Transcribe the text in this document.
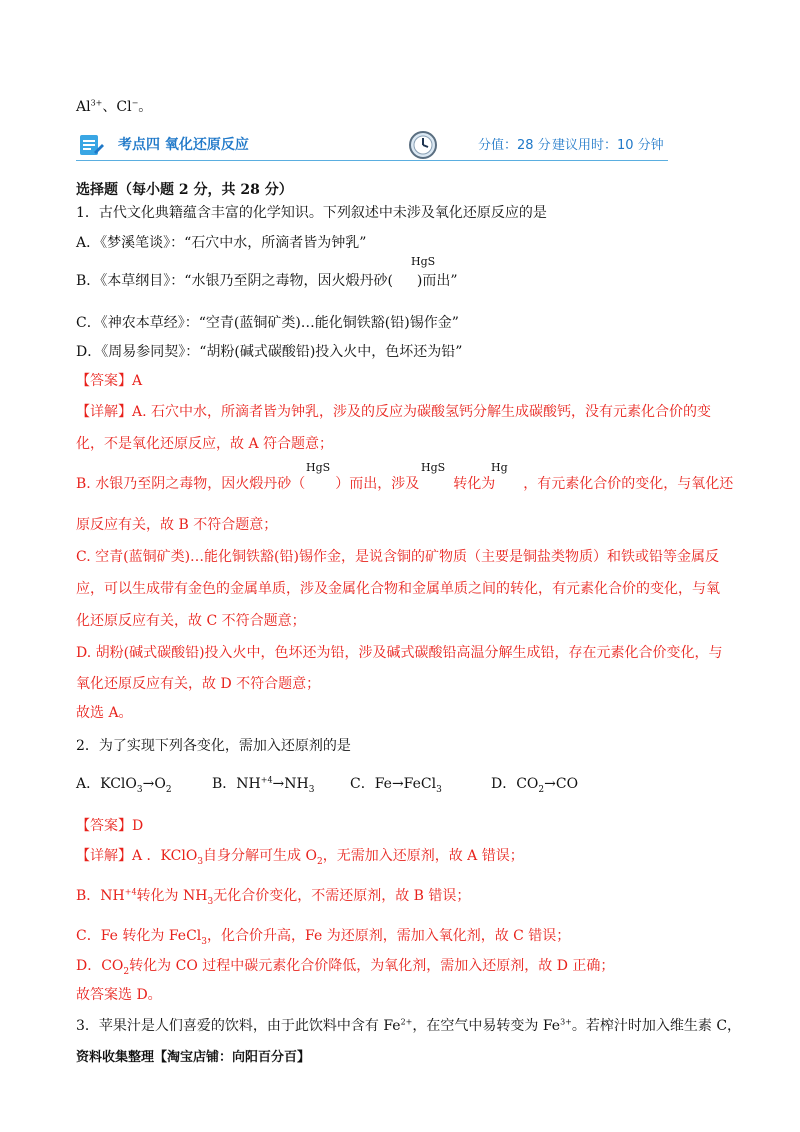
$Al^{3+}$、Cl−。
考点四 氧化还原反应	分值：28 分 建议用时：10 分钟
选择题（每小题 2 分，共 28 分）
1．古代文化典籍蕴含丰富的化学知识。下列叙述中未涉及氧化还原反应的是
A．《梦溪笔谈》：“石穴中水，所滴者皆为钟乳”
B．《本草纲目》：“水银乃至阴之毒物，因火煅丹砂( )而出”
HgS
C．《神农本草经》：“空青(蓝铜矿类)…能化铜铁豁(铅)锡作金”
D．《周易参同契》：“胡粉(碱式碳酸铅)投入火中，色坏还为铅”
【答案】A
【详解】A. 石穴中水，所滴者皆为钟乳，涉及的反应为碳酸氢钙分解生成碳酸钙，没有元素化合价的变
化，不是氧化还原反应，故 A 符合题意；
B. 水银乃至阴之毒物，因火煅丹砂（ ）而出，涉及 转化为 ，有元素化合价的变化，与氧化还
HgS	HgS	Hg
原反应有关，故 B 不符合题意；
C. 空青(蓝铜矿类)…能化铜铁豁(铅)锡作金，是说含铜的矿物质（主要是铜盐类物质）和铁或铅等金属反
应，可以生成带有金色的金属单质，涉及金属化合物和金属单质之间的转化，有元素化合价的变化，与氧
化还原反应有关，故 C 不符合题意；
D. 胡粉(碱式碳酸铅)投入火中，色坏还为铅，涉及碱式碳酸铅高温分解生成铅，存在元素化合价变化，与
氧化还原反应有关，故 D 不符合题意；
故选 A。
2．为了实现下列各变化，需加入还原剂的是
A．$KClO_3\to O_2$	B．$NH^{+4}\to NH_3$	C．Fe→FeCl$_3$	D．$CO_2\to CO$
【答案】D
【详解】A ．KClO$_3$自身分解可生成 $O_2$，无需加入还原剂，故 A 错误；
B．$NH^{+4}$转化为 $NH_3$无化合价变化，不需还原剂，故 B 错误；
C．Fe 转化为 FeCl$_3$，化合价升高，Fe 为还原剂，需加入氧化剂，故 C 错误；
D．$CO_2$转化为 CO 过程中碳元素化合价降低，为氧化剂，需加入还原剂，故 D 正确；
故答案选 D。
3．苹果汁是人们喜爱的饮料，由于此饮料中含有 $Fe^{2+}$，在空气中易转变为 $Fe^{3+}$。若榨汁时加入维生素 C，
资料收集整理【淘宝店铺：向阳百分百】
